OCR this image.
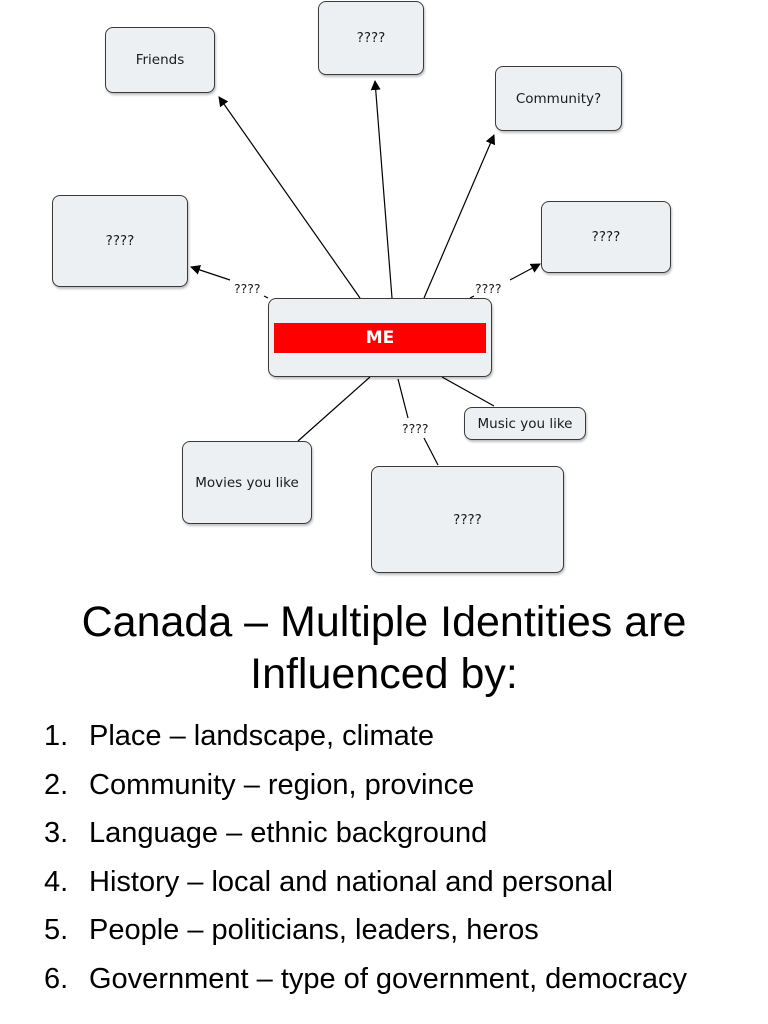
????
Friends
Community?
????	????
ME
Music you like
Movies you like
????
????	????
????
Canada – Multiple Identities are Influenced by:
1. Place – landscape, climate
2. Community – region, province
3. Language – ethnic background
4. History – local and national and personal
5. People – politicians, leaders, heros
6. Government – type of government, democracy
